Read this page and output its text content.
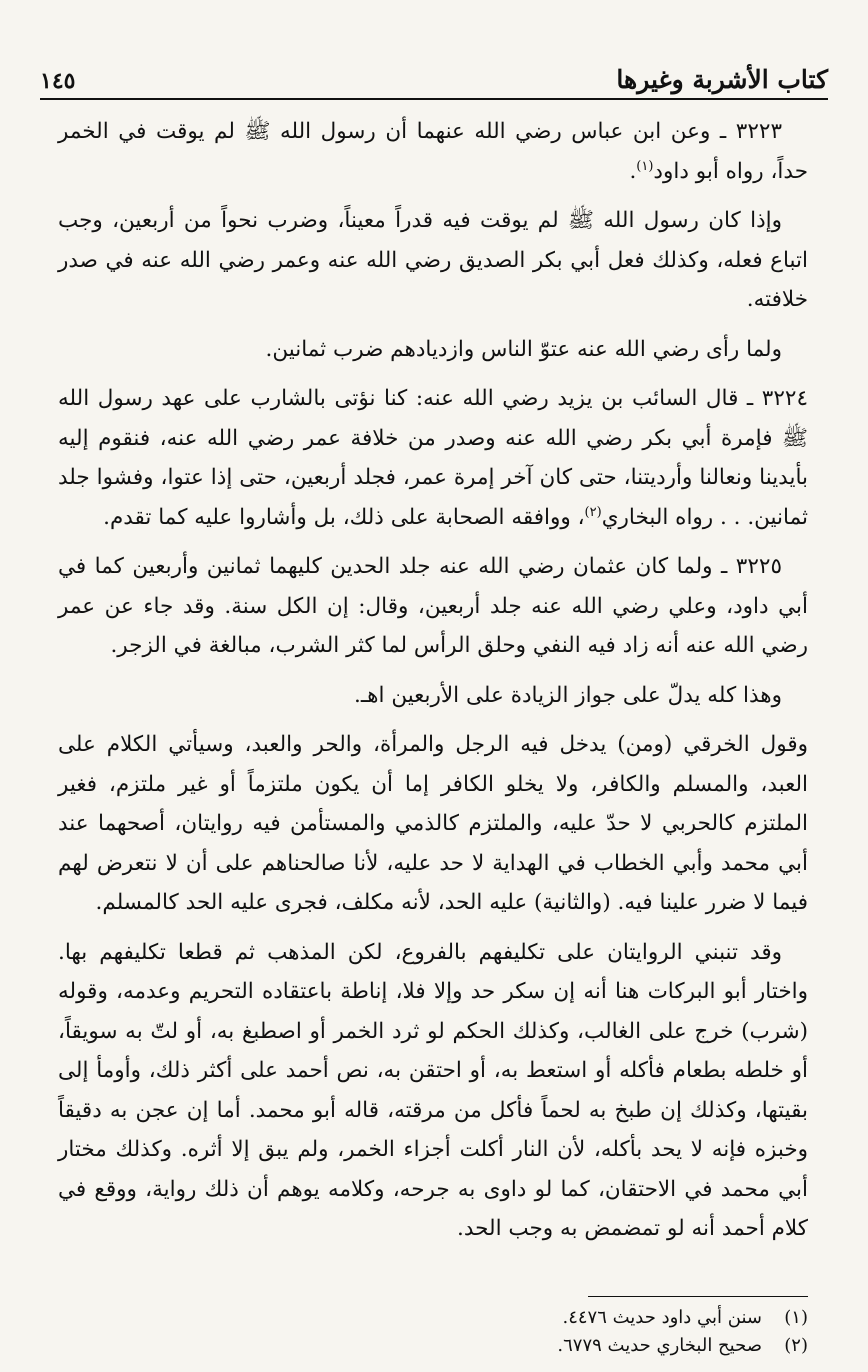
كتاب الأشربة وغيرها
١٤٥

٣٢٢٣ ـ وعن ابن عباس رضي الله عنهما أن رسول الله ﷺ لم يوقت في الخمر حداً، رواه أبو داود$^{(١)}$.

وإذا كان رسول الله ﷺ لم يوقت فيه قدراً معيناً، وضرب نحواً من أربعين، وجب اتباع فعله، وكذلك فعل أبي بكر الصديق رضي الله عنه وعمر رضي الله عنه في صدر خلافته.

ولما رأى رضي الله عنه عتوّ الناس وازديادهم ضرب ثمانين.

٣٢٢٤ ـ قال السائب بن يزيد رضي الله عنه: كنا نؤتى بالشارب على عهد رسول الله ﷺ فإمرة أبي بكر رضي الله عنه وصدر من خلافة عمر رضي الله عنه، فنقوم إليه بأيدينا ونعالنا وأرديتنا، حتى كان آخر إمرة عمر، فجلد أربعين، حتى إذا عتوا، وفشوا جلد ثمانين. . . رواه البخاري$^{(٢)}$، ووافقه الصحابة على ذلك، بل وأشاروا عليه كما تقدم.

٣٢٢٥ ـ ولما كان عثمان رضي الله عنه جلد الحدين كليهما ثمانين وأربعين كما في أبي داود، وعلي رضي الله عنه جلد أربعين، وقال: إن الكل سنة. وقد جاء عن عمر رضي الله عنه أنه زاد فيه النفي وحلق الرأس لما كثر الشرب، مبالغة في الزجر.

وهذا كله يدلّ على جواز الزيادة على الأربعين اهـ.

وقول الخرقي (ومن) يدخل فيه الرجل والمرأة، والحر والعبد، وسيأتي الكلام على العبد، والمسلم والكافر، ولا يخلو الكافر إما أن يكون ملتزماً أو غير ملتزم، فغير الملتزم كالحربي لا حدّ عليه، والملتزم كالذمي والمستأمن فيه روايتان، أصحهما عند أبي محمد وأبي الخطاب في الهداية لا حد عليه، لأنا صالحناهم على أن لا نتعرض لهم فيما لا ضرر علينا فيه. (والثانية) عليه الحد، لأنه مكلف، فجرى عليه الحد كالمسلم.

وقد تنبني الروايتان على تكليفهم بالفروع، لكن المذهب ثم قطعا تكليفهم بها. واختار أبو البركات هنا أنه إن سكر حد وإلا فلا، إناطة باعتقاده التحريم وعدمه، وقوله (شرب) خرج على الغالب، وكذلك الحكم لو ثرد الخمر أو اصطبغ به، أو لتّ به سويقاً، أو خلطه بطعام فأكله أو استعط به، أو احتقن به، نص أحمد على أكثر ذلك، وأومأ إلى بقيتها، وكذلك إن طبخ به لحماً فأكل من مرقته، قاله أبو محمد. أما إن عجن به دقيقاً وخبزه فإنه لا يحد بأكله، لأن النار أكلت أجزاء الخمر، ولم يبق إلا أثره. وكذلك مختار أبي محمد في الاحتقان، كما لو داوى به جرحه، وكلامه يوهم أن ذلك رواية، ووقع في كلام أحمد أنه لو تمضمض به وجب الحد.

(١)
سنن أبي داود حديث ٤٤٧٦.
(٢)
صحيح البخاري حديث ٦٧٧٩.
